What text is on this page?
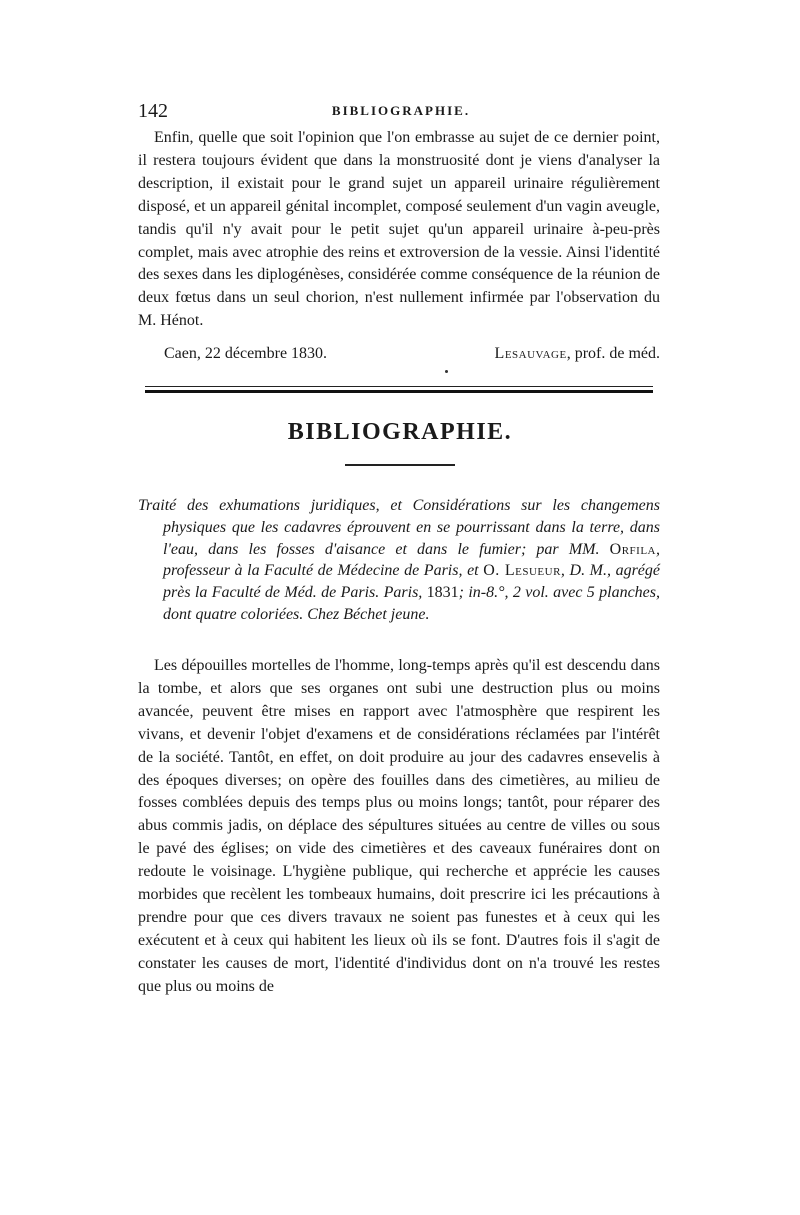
142	BIBLIOGRAPHIE.

Enfin, quelle que soit l'opinion que l'on embrasse au sujet de ce dernier point, il restera toujours évident que dans la monstruosité dont je viens d'analyser la description, il existait pour le grand sujet un appareil urinaire régulièrement disposé, et un appareil génital incomplet, composé seulement d'un vagin aveugle, tandis qu'il n'y avait pour le petit sujet qu'un appareil urinaire à-peu-près complet, mais avec atrophie des reins et extroversion de la vessie. Ainsi l'identité des sexes dans les diplogénèses, considérée comme conséquence de la réunion de deux fœtus dans un seul chorion, n'est nullement infirmée par l'observation du M. Hénot.

Caen, 22 décembre 1830.	Lesauvage, prof. de méd.
BIBLIOGRAPHIE.
Traité des exhumations juridiques, et Considérations sur les changemens physiques que les cadavres éprouvent en se pourrissant dans la terre, dans l'eau, dans les fosses d'aisance et dans le fumier; par MM. Orfila, professeur à la Faculté de Médecine de Paris, et O. Lesueur, D. M., agrégé près la Faculté de Méd. de Paris. Paris, 1831; in-8.°, 2 vol. avec 5 planches, dont quatre coloriées. Chez Béchet jeune.

Les dépouilles mortelles de l'homme, long-temps après qu'il est descendu dans la tombe, et alors que ses organes ont subi une destruction plus ou moins avancée, peuvent être mises en rapport avec l'atmosphère que respirent les vivans, et devenir l'objet d'examens et de considérations réclamées par l'intérêt de la société. Tantôt, en effet, on doit produire au jour des cadavres ensevelis à des époques diverses; on opère des fouilles dans des cimetières, au milieu de fosses comblées depuis des temps plus ou moins longs; tantôt, pour réparer des abus commis jadis, on déplace des sépultures situées au centre de villes ou sous le pavé des églises; on vide des cimetières et des caveaux funéraires dont on redoute le voisinage. L'hygiène publique, qui recherche et apprécie les causes morbides que recèlent les tombeaux humains, doit prescrire ici les précautions à prendre pour que ces divers travaux ne soient pas funestes et à ceux qui les exécutent et à ceux qui habitent les lieux où ils se font. D'autres fois il s'agit de constater les causes de mort, l'identité d'individus dont on n'a trouvé les restes que plus ou moins de
